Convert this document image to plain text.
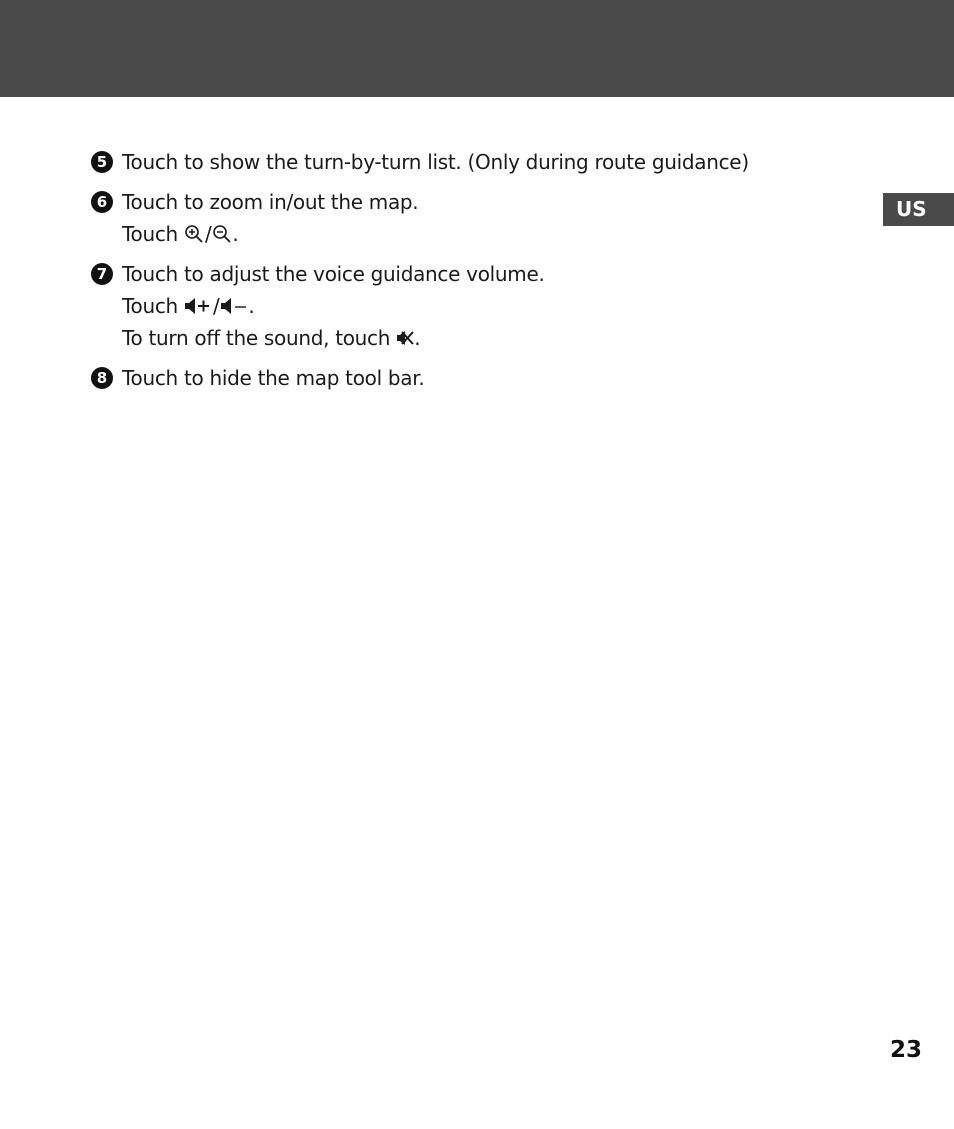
US
5 Touch to show the turn-by-turn list. (Only during route guidance)
6 Touch to zoom in/out the map.
Touch / .
7 Touch to adjust the voice guidance volume.
Touch / .
To turn off the sound, touch .
8 Touch to hide the map tool bar.
23
